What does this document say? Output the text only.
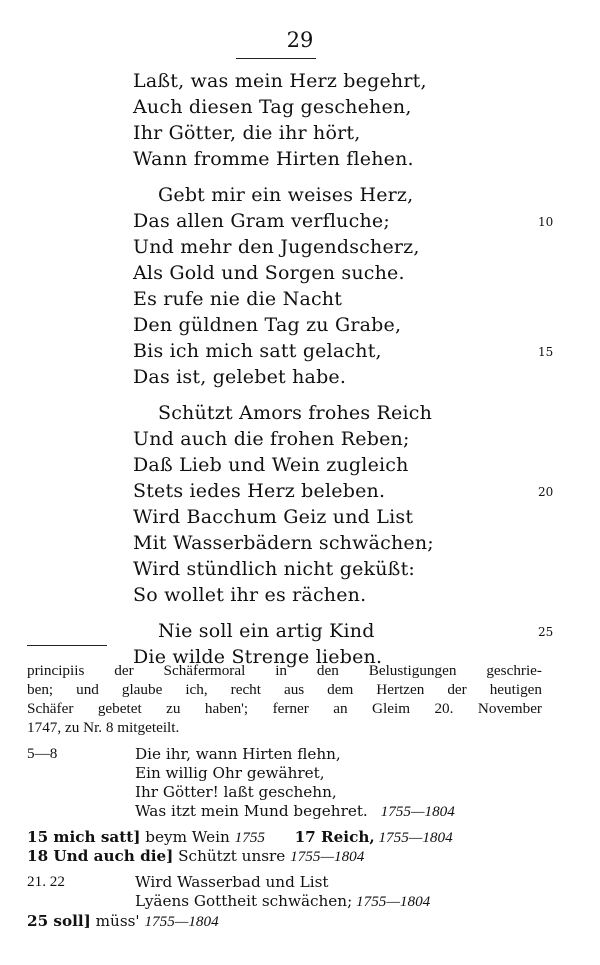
29
Laßt, was mein Herz begehrt,
Auch diesen Tag geschehen,
Ihr Götter, die ihr hört,
Wann fromme Hirten flehen.
Gebt mir ein weises Herz,
Das allen Gram verfluche;	10
Und mehr den Jugendscherz,
Als Gold und Sorgen suche.
Es rufe nie die Nacht
Den güldnen Tag zu Grabe,
Bis ich mich satt gelacht,	15
Das ist, gelebet habe.
Schützt Amors frohes Reich
Und auch die frohen Reben;
Daß Lieb und Wein zugleich
Stets iedes Herz beleben.	20
Wird Bacchum Geiz und List
Mit Wasserbädern schwächen;
Wird stündlich nicht geküßt:
So wollet ihr es rächen.
Nie soll ein artig Kind	25
Die wilde Strenge lieben.
principiis der Schäfermoral in den Belustigungen geschrie-
ben; und glaube ich, recht aus dem Hertzen der heutigen
Schäfer gebetet zu haben'; ferner an Gleim 20. November
1747, zu Nr. 8 mitgeteilt.
5—8	Die ihr, wann Hirten flehn,
Ein willig Ohr gewähret,
Ihr Götter! laßt geschehn,
Was itzt mein Mund begehret. 1755—1804
15 mich satt] beym Wein 1755 17 Reich, 1755—1804
18 Und auch die] Schützt unsre 1755—1804
21. 22	Wird Wasserbad und List
Lyäens Gottheit schwächen; 1755—1804
25 soll] müss' 1755—1804
